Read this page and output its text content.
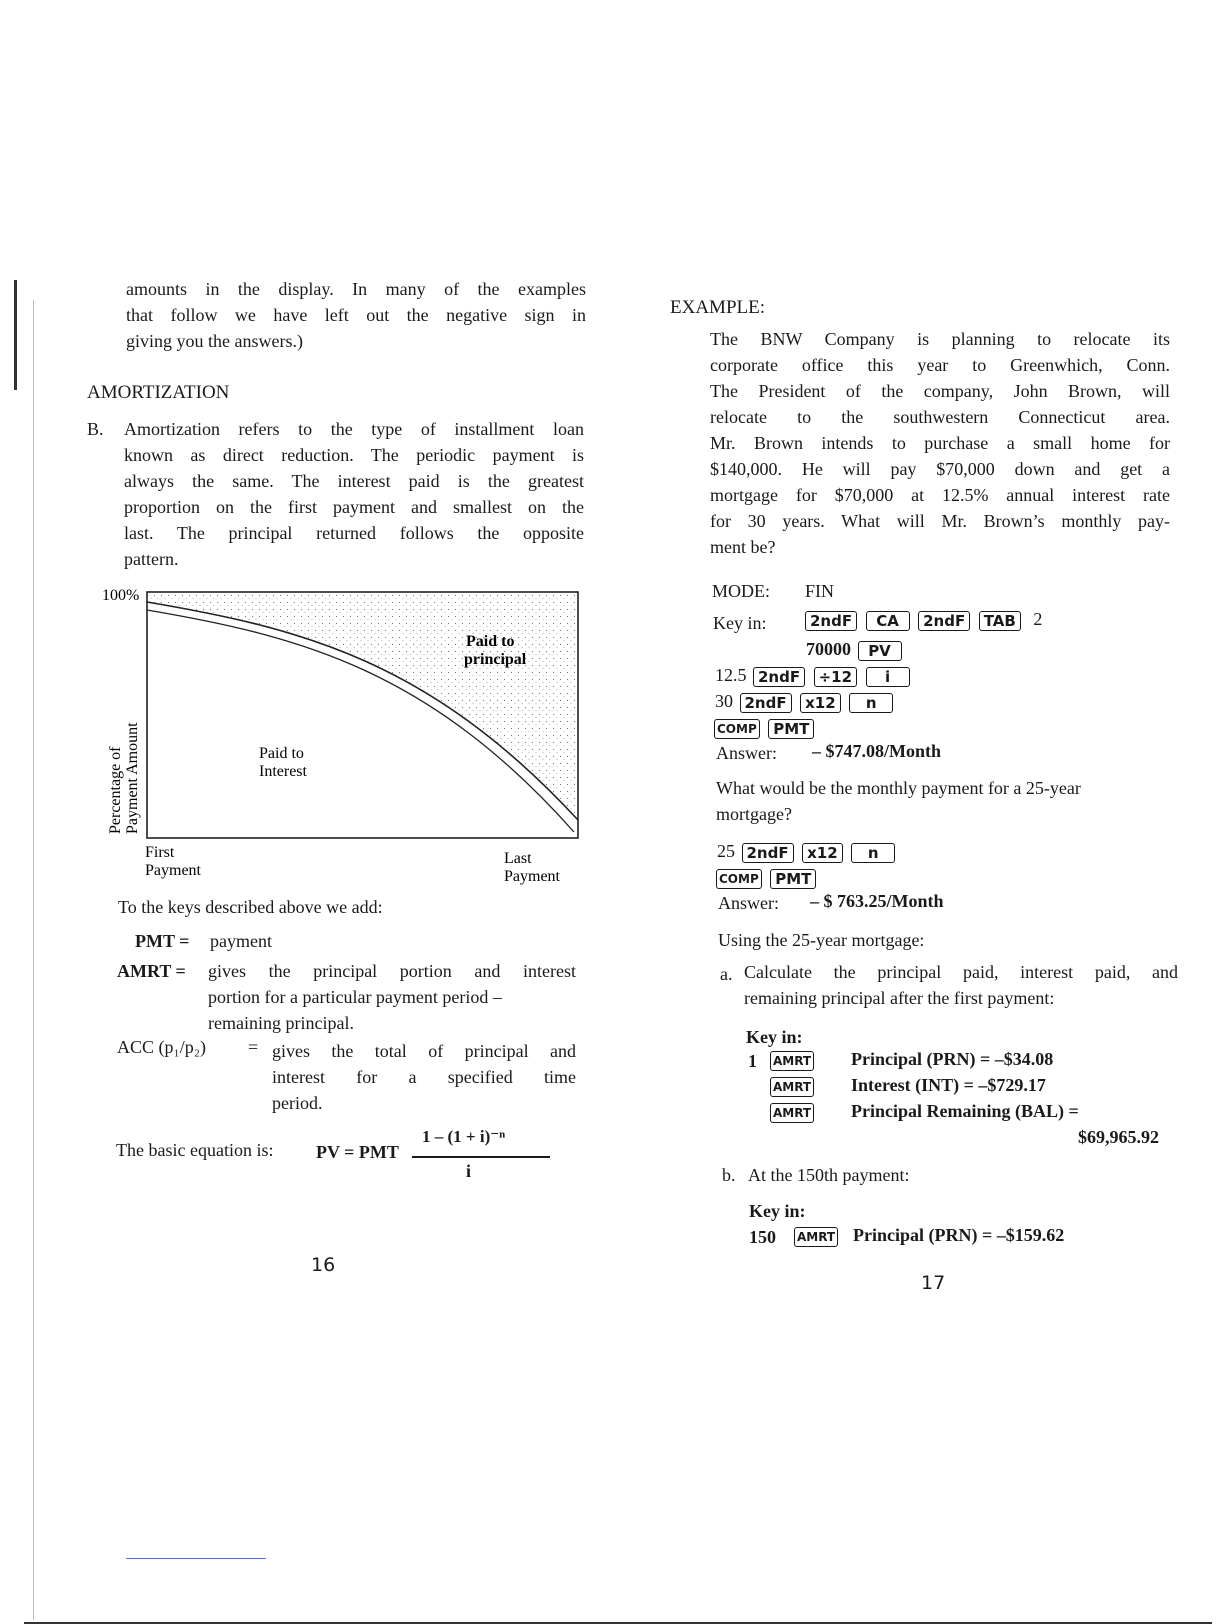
amounts in the display. In many of the examples
that follow we have left out the negative sign in
giving you the answers.)
AMORTIZATION
B. Amortization refers to the type of installment loan
known as direct reduction. The periodic payment is
always the same. The interest paid is the greatest
proportion on the first payment and smallest on the
last. The principal returned follows the opposite
pattern.
100%
Percentage of Payment Amount
Paid to
principal
Paid to
Interest
First
Payment
Last
Payment
To the keys described above we add:
PMT = payment
AMRT = gives the principal portion and interest
portion for a particular payment period –
remaining principal.
ACC (p₁/p₂) = gives the total of principal and
interest for a specified time
period.
The basic equation is: PV = PMT
1 – (1 + i)⁻ⁿ
i
16
EXAMPLE:
The BNW Company is planning to relocate its
corporate office this year to Greenwhich, Conn.
The President of the company, John Brown, will
relocate to the southwestern Connecticut area.
Mr. Brown intends to purchase a small home for
$140,000. He will pay $70,000 down and get a
mortgage for $70,000 at 12.5% annual interest rate
for 30 years. What will Mr. Brown’s monthly pay-
ment be?
MODE: FIN
Key in:	2ndF CA 2ndF TAB 2
70000 PV
12.5 2ndF ÷12 i
30 2ndF x12 n
COMP PMT
Answer: – $747.08/Month
What would be the monthly payment for a 25-year
mortgage?
25 2ndF x12 n
COMP PMT
Answer: – $ 763.25/Month
Using the 25-year mortgage:
a. Calculate the principal paid, interest paid, and
remaining principal after the first payment:
Key in:
1 AMRT Principal (PRN) = –$34.08
AMRT Interest (INT) = –$729.17
AMRT Principal Remaining (BAL) =
$69,965.92
b. At the 150th payment:
Key in:
150 AMRT Principal (PRN) = –$159.62
17
